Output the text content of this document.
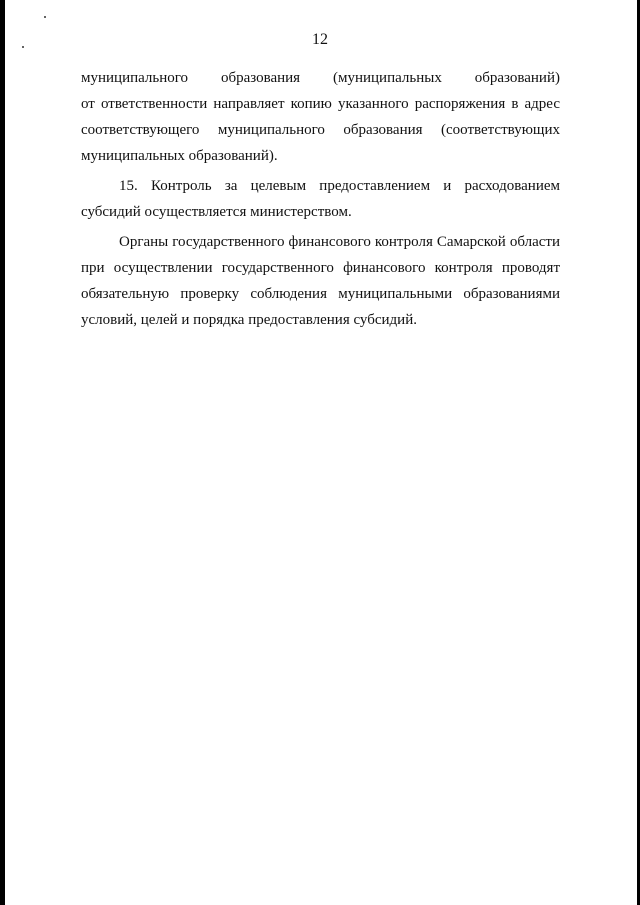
12

муниципального образования (муниципальных образований)
от ответственности направляет копию указанного распоряжения в адрес
соответствующего муниципального образования (соответствующих
муниципальных образований).

15. Контроль за целевым предоставлением и расходованием
субсидий осуществляется министерством.

Органы государственного финансового контроля Самарской области
при осуществлении государственного финансового контроля проводят
обязательную проверку соблюдения муниципальными образованиями
условий, целей и порядка предоставления субсидий.
